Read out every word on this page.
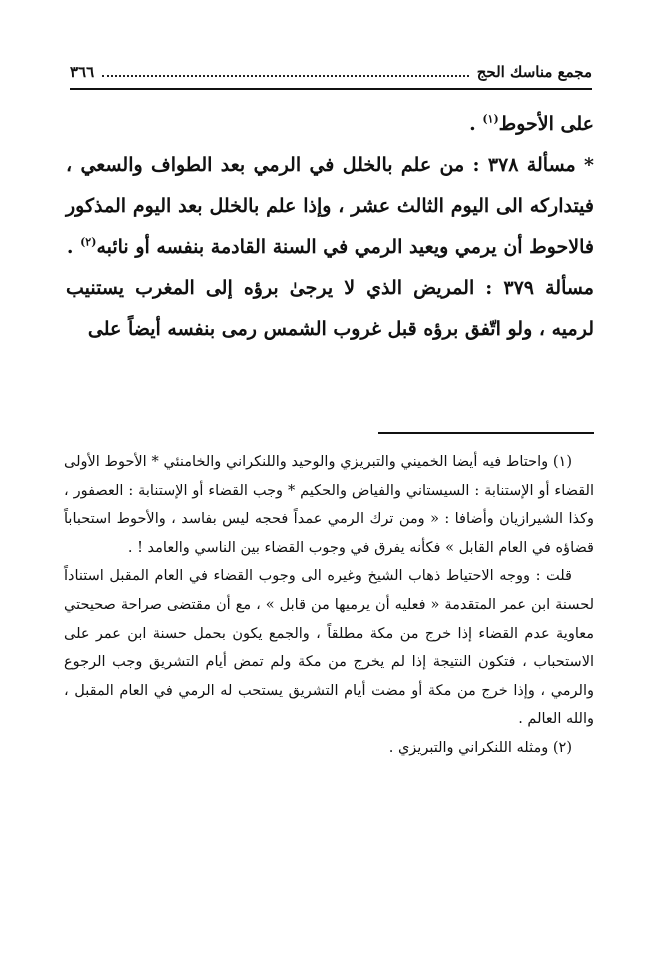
مجمع مناسك الحج
٣٦٦

على الأحوط$^{(١)}$ .

* مسألة ٣٧٨ : من علم بالخلل في الرمي بعد الطواف والسعي ، فيتداركه الى اليوم الثالث عشر ، وإذا علم بالخلل بعد اليوم المذكور فالاحوط أن يرمي ويعيد الرمي في السنة القادمة بنفسه أو نائبه$^{(٢)}$ .

مسألة ٣٧٩ : المريض الذي لا يرجىٰ برؤه إلى المغرب يستنيب لرميه ، ولو اتّفق برؤه قبل غروب الشمس رمى بنفسه أيضاً على

(١) واحتاط فيه أيضا الخميني والتبريزي والوحيد واللنكراني والخامنئي * الأحوط الأولى القضاء أو الإستنابة : السيستاني والفياض والحكيم * وجب القضاء أو الإستنابة : العصفور ، وكذا الشيرازيان وأضافا : « ومن ترك الرمي عمداً فحجه ليس بفاسد ، والأحوط استحباباً قضاؤه في العام القابل » فكأنه يفرق في وجوب القضاء بين الناسي والعامد ! .

قلت : ووجه الاحتياط ذهاب الشيخ وغيره الى وجوب القضاء في العام المقبل استناداً لحسنة ابن عمر المتقدمة « فعليه أن يرميها من قابل » ، مع أن مقتضى صراحة صحيحتي معاوية عدم القضاء إذا خرج من مكة مطلقاً ، والجمع يكون بحمل حسنة ابن عمر على الاستحباب ، فتكون النتيجة إذا لم يخرج من مكة ولم تمض أيام التشريق وجب الرجوع والرمي ، وإذا خرج من مكة أو مضت أيام التشريق يستحب له الرمي في العام المقبل ، والله العالم .

(٢) ومثله اللنكراني والتبريزي .
